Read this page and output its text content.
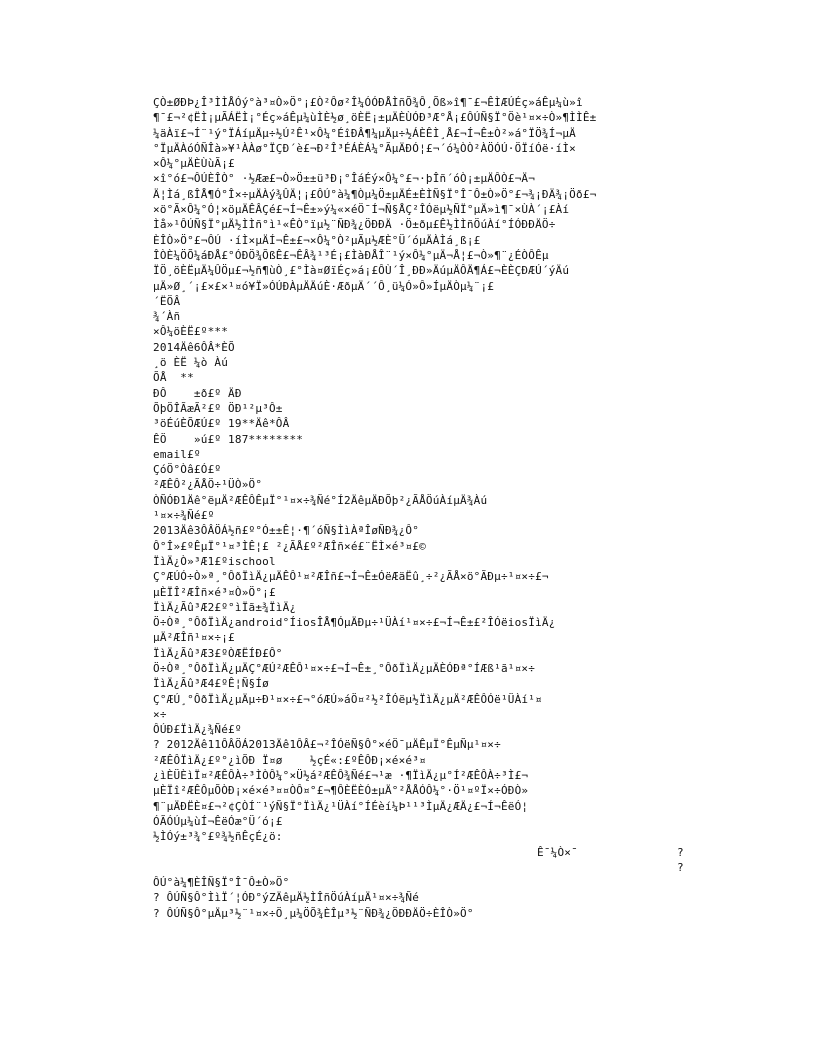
ÇÒ±ØÐÞ¿Î³ÌÌÅÓý°à³¤Ò»Ö°¡£Ò²Ôø²Î¼ÓÓÐÅÌñÕ¾Ô¸Õß»î¶¯£¬ÊÌÆÚÉç»áÊµ¼ù»î
¶¯£¬²¢ËÌ¡µÃÁËÌ¡°Éç»áÊµ¼ùÌÈ½ø¸öÈË¡±µÄÈÙÓÐ³Æ°Å¡£ÔÚÑ§Ï°Öè¹¤×÷Ò»¶ÌÌÊ±
¼äÀï£¬Í¨¹ý°ÏÁíµÄµ÷½Ú²Ê¹×Ô¼°ÉîÐÂ¶¼µÄµ÷½ÁÈÊÌ¸Å£¬Í¬Ê±Ò²»á°ÏÖ¾Í¬µÄ
°ÏµÄÀóÓÑÎà»¥¹ÀÀø°ÏÇÐ´è£¬Ð²Î³ÉÁÈÁ¼°ÃµÄÐÓ¦£¬´ó¼ÒÒ²ÀÖÓÚ·ÖÏíÓë·íÌ×
×Ô¼°µÄÈÙùÃ¡£
×î°ó£¬ÔÚÈÎÒ° ·½Ææ£¬Ò»Ö±±ü³Ð¡°ÎáÉý×Ô¼°£¬·þÎñ´óÒ¡±µÄÔÒ£¬Ä¬
Ä¦Ìá¸ßÎÅ¶Ó°Î×÷µÄÀý¾ÛÄ¦¡£ÔÚ°à¼¶Òµ¼Ö±µÄÉ±ÈÌÑ§Ï°Î¯Ô±Ò»Ö°£¬¾¡ÐÄ¾¡Öð£¬
×ö°Ã×Ô¼°Ó¦×öµÄÊÂÇé£¬Í¬Ê±»ý¼«×éÖ¯Í¬Ñ§ÅÇ²ÎÓëµ½ÑÏ°µÄ»ì¶¯×ÙÀ´¡£Àí
Ìå»¹ÔÚÑ§Ï°µÄ½ÌÌñ°ì¹«ÊÒ°ïµ½¨ÑÐ¾¿ÖÐÐÄ ·Ö±ðµ£Ê½ÌÌñÖúÀí°ÍÓÐÐÄÖ÷
ÈÎÒ»Ö°£¬ÔÚ ·íÌ×µÄÍ¬Ê±£¬×Ô¼°Ò²µÃµ½ÆÈ°Ü´óµÄÀÌá¸ß¡£
ÎÒÈ¼ÖÕ¼áÐÅ£°ÓÐÖ¾ÕßÊ£¬ÊÂ¾¹³É¡£ÌàÐÅÎ¨¹ý×Ô¼°µÄ¬Å¦£¬Ò»¶¨¿ÉÒÔÊµ
ÏÖ¸öÈËµÄ¼ÛÖµ£¬½ñ¶ùÒ¸£°Ìà¤ØïÉç»á¡£ÔÙ´Î¸ÐÐ»ÄúµÄÔÄ¶Á£¬ÈÈÇÐÆÚ´ýÄú
µÄ»Ø¸´¡£×£×¹¤ó¥Ï»ÓÚÐÀµÄÄúÈ·ÆðµÄ´´Ô¸ü¼Ó»Ô»ÍµÄÒµ¼¨¡£
´ËÖÂ
¾´Àñ
×Ô¼öÈË£º***
2014Äê6ÔÂ*ÈÕ
¸ö ÈË ¼ò Àú
ÕÅ  **
ÐÔ    ±ð£º ÄÐ
ÕþÖÎÃæÃ²£º ÖÐ¹²µ³Ô±
³öÉúÈÕÆÚ£º 19**Äê*ÔÂ
ÊÖ    »ú£º 187********
email£º
ÇóÖ°Òâ£Ó£º
²ÆÊÔ²¿ÃÅÖ÷¹ÜÒ»Ö°
ÒÑÓÐ1Äê°ëµÄ²ÆÊÔÊµÏ°¹¤×÷¾Ñé°Í2ÄêµÄÐÕþ²¿ÃÅÖúÀíµÄ¾Àú
¹¤×÷¾Ñé£º
2013Äê3ÔÂÖÁ½ñ£º°Ó±±Ê¦·¶´óÑ§ÌìÀªÎøÑÐ¾¿Ô°
Ô°Î»£ºÊµÏ°¹¤³ÌÊ¦£ ²¿ÃÅ£º²ÆÎñ×é£¨ËÌ×é³¤£©
ÏìÄ¿Ò»³Æ1£ºischool
Ç°ÆÚÓ÷Ò»ª¸°ÔðÏìÄ¿µÄÊÔ¹¤²ÆÎñ£¬Í¬Ê±ÓëÆäËû¸÷²¿ÃÅ×ö°ÃÐµ÷¹¤×÷£¬
µÈÏÎ²ÆÎñ×é³¤Ò»Ö°¡£
ÏìÄ¿Ãû³Æ2£º°ìÏã±¾ÏìÄ¿
Ö÷Òª¸°ÔðÏìÄ¿android°ÍiosÎÅ¶ÓµÄÐµ÷¹ÜÀí¹¤×÷£¬Í¬Ê±£²ÎÓëiosÏìÄ¿
µÄ²ÆÎñ¹¤×÷¡£
ÏìÄ¿Ãû³Æ3£ºÒÆËÍÐ£Ô°
Ö÷Òª¸°ÔðÏìÄ¿µÄÇ°ÆÚ²ÆÊÔ¹¤×÷£¬Í¬Ê±¸°ÔðÏìÄ¿µÄÈÓÐª°ÍÆß¹ã¹¤×÷
ÏìÄ¿Ãû³Æ4£ºÊ¦Ñ§Íø
Ç°ÆÚ¸°ÔðÏìÄ¿µÄµ÷Ð¹¤×÷£¬°óÆÚ»áÖ¤²½²ÎÓëµ½ÏìÄ¿µÄ²ÆÊÔÓë¹ÜÀí¹¤
×÷
ÔÚÐ£ÏìÄ¿¾Ñé£º
? 2012Äê11ÔÂÖÁ2013Äê1ÔÂ£¬²ÎÓëÑ§Ô°×éÖ¯µÄÊµÏ°ÊµÑµ¹¤×÷
²ÆÊÔÏìÄ¿£º°¿ìÕÐ Ï¤ø    ½çÉ«:£ºÊÔÐ¡×é×é³¤
¿ìÈÜÈìÏ¤²ÆÊÔÀ÷³ÌÒÔ¼°×Ü½á²ÆÊÔ¾Ñé£¬¹æ ·¶ÏìÄ¿µ°Í²ÆÊÔÀ÷³Ì£¬
µÈÏî²ÆÊÔµÕÒÐ¡×é×é³¤¤ÒÔ¤°£¬¶ÔÈËÈÓ±µÄ°²ÅÅÓÔ¼°·Ö¹¤ºÏ×÷ÓÐÒ»
¶¨µÄÐËÈ¤£¬²¢ÇÒÍ¨¹ýÑ§Ï°ÏìÄ¿¹ÜÀí°ÍÉèí¼Þ¹¹³ÌµÄ¿ÆÄ¿£¬Í¬ÊëÓ¦
ÓÃÓÚµ¼ùÍ¬ÊëÓæ°Ü´ó¡£
½ÌÓý±³¾°£º¾½ñÊçÉ¿ö:

Ê¯¼Ò×¯

	?

?

ÔÚ°à¼¶ÈÎÑ§Ï°Î¯Ô±Ò»Ö°
? ÔÚÑ§Ô°ÌìÏ´¦ÓÐ°ýZÄêµÄ½ÌÎñÖúÀíµÄ¹¤×÷¾Ñé
? ÔÚÑ§Ô°µÄµ³½¨¹¤×÷Ö¸µ¼ÖÕ¾ÈÎµ³½¨ÑÐ¾¿ÖÐÐÄÖ÷ÈÎÒ»Ö°
